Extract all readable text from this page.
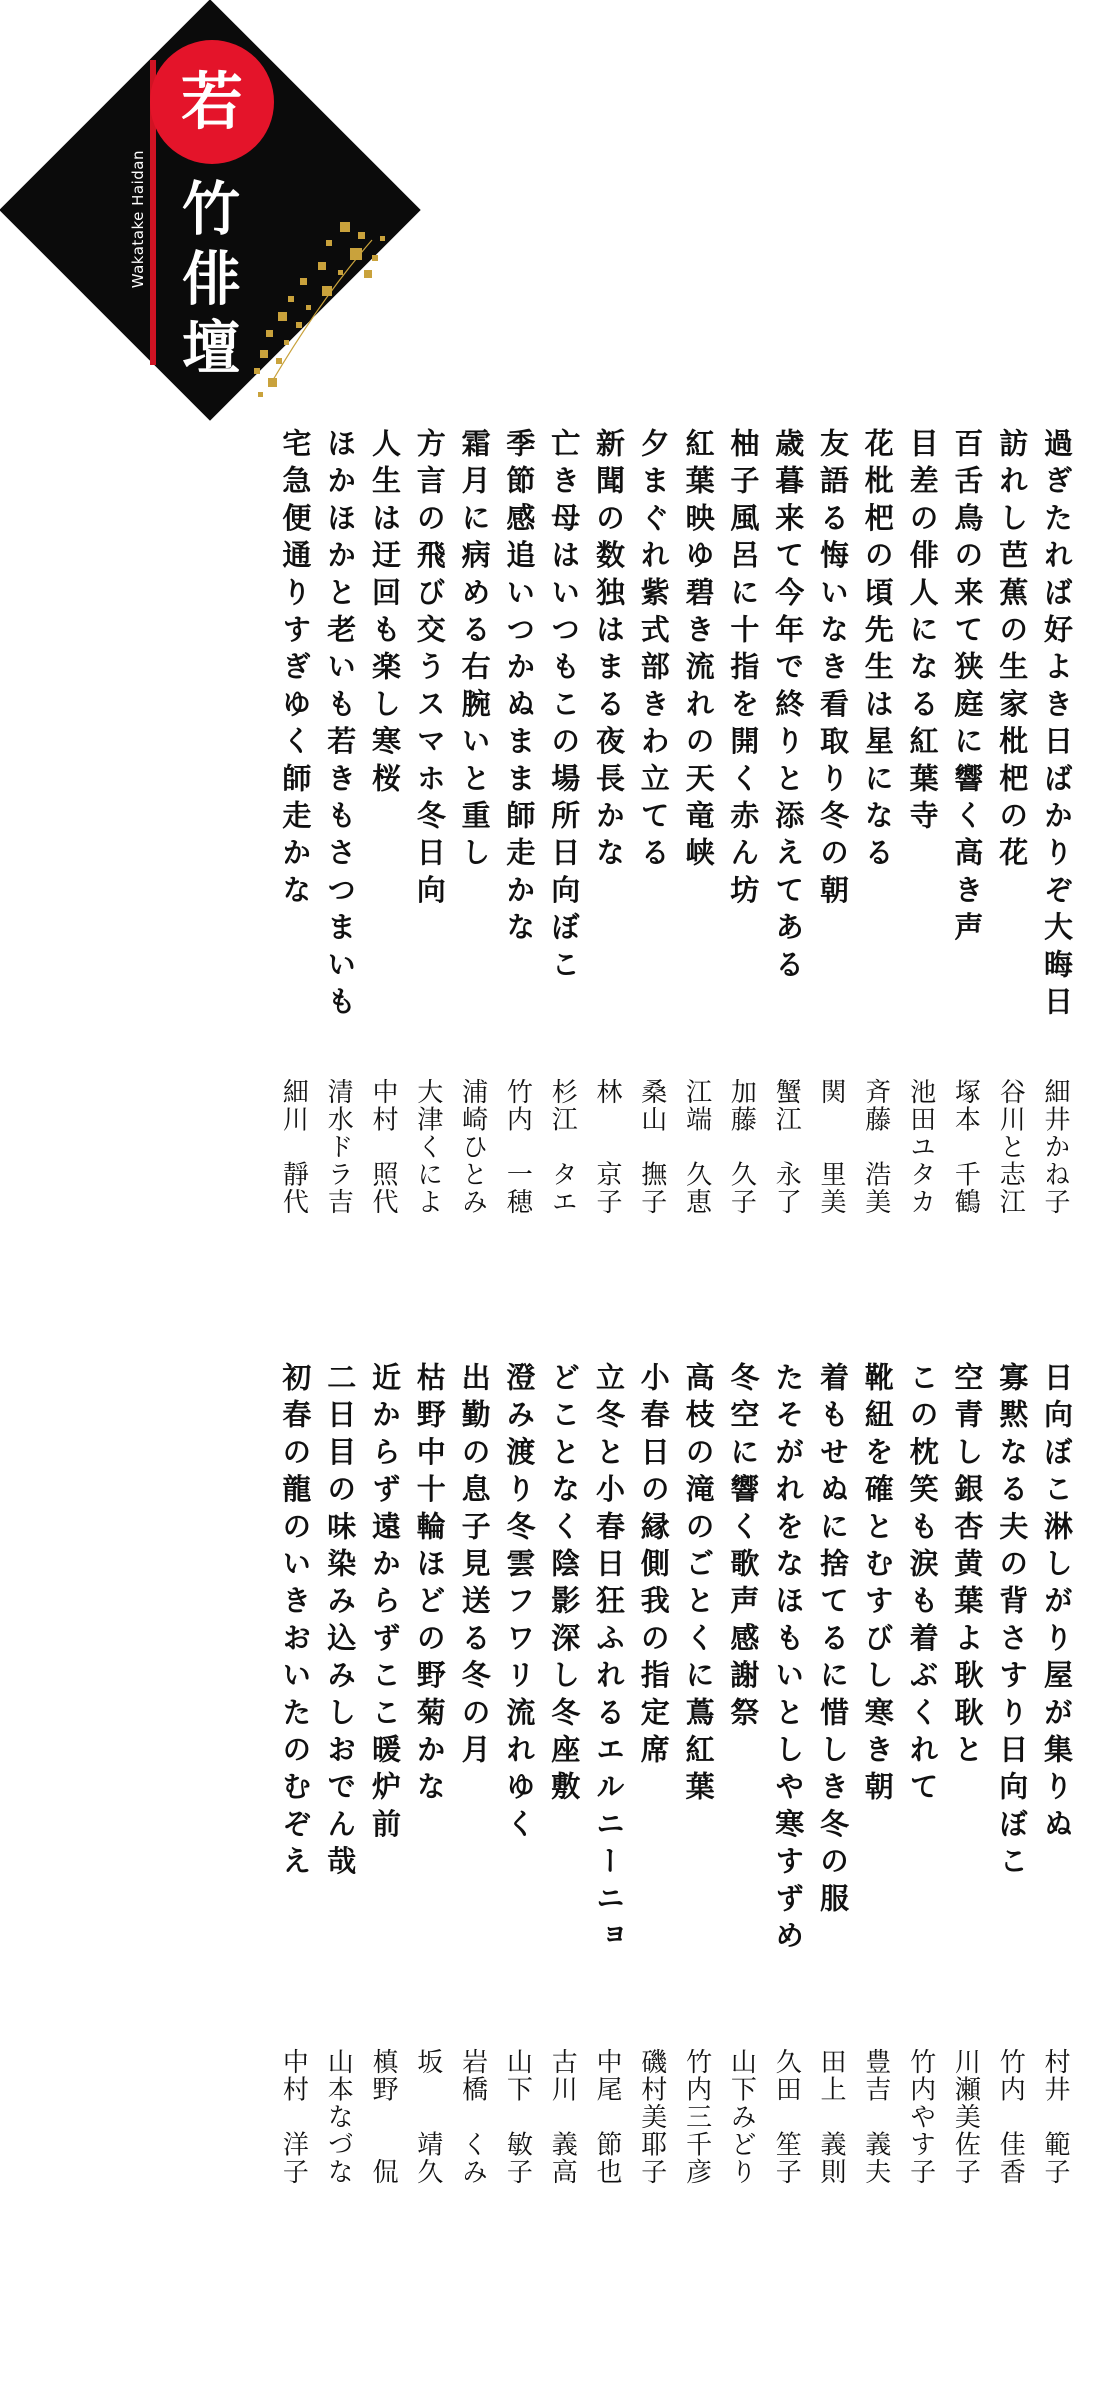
若
竹
俳
壇
Wakatake Haidan
過ぎたれば好よき日ばかりぞ大晦日
訪れし芭蕉の生家枇杷の花
百舌鳥の来て狭庭に響く高き声
目差の俳人になる紅葉寺
花枇杷の頃先生は星になる
友語る悔いなき看取り冬の朝
歳暮来て今年で終りと添えてある
柚子風呂に十指を開く赤ん坊
紅葉映ゆ碧き流れの天竜峡
夕まぐれ紫式部きわ立てる
新聞の数独はまる夜長かな
亡き母はいつもこの場所日向ぼこ
季節感追いつかぬまま師走かな
霜月に病める右腕いと重し
方言の飛び交うスマホ冬日向
人生は迂回も楽し寒桜
ほかほかと老いも若きもさつまいも
宅急便通りすぎゆく師走かな
細井かね子
谷川と志江
塚本　千鶴
池田ユタカ
斉藤　浩美
関　　里美
蟹江　永了
加藤　久子
江端　久恵
桑山　撫子
林　　京子
杉江　タエ
竹内　一穂
浦崎ひとみ
大津くによ
中村　照代
清水ドラ吉
細川　靜代
日向ぼこ淋しがり屋が集りぬ
寡黙なる夫の背さすり日向ぼこ
空青し銀杏黄葉よ耿耿と
この枕笑も涙も着ぶくれて
靴紐を確とむすびし寒き朝
着もせぬに捨てるに惜しき冬の服
たそがれをなほもいとしや寒すずめ
冬空に響く歌声感謝祭
高枝の滝のごとくに蔦紅葉
小春日の縁側我の指定席
立冬と小春日狂ふれるエルニーニョ
どことなく陰影深し冬座敷
澄み渡り冬雲フワリ流れゆく
出勤の息子見送る冬の月
枯野中十輪ほどの野菊かな
近からず遠からずここ暖炉前
二日目の味染み込みしおでん哉
初春の龍のいきおいたのむぞえ
村井　範子
竹内　佳香
川瀬美佐子
竹内やす子
豊吉　義夫
田上　義則
久田　笙子
山下みどり
竹内三千彦
磯村美耶子
中尾　節也
古川　義高
山下　敏子
岩橋　くみ
坂　　靖久
槙野　　侃
山本なづな
中村　洋子
